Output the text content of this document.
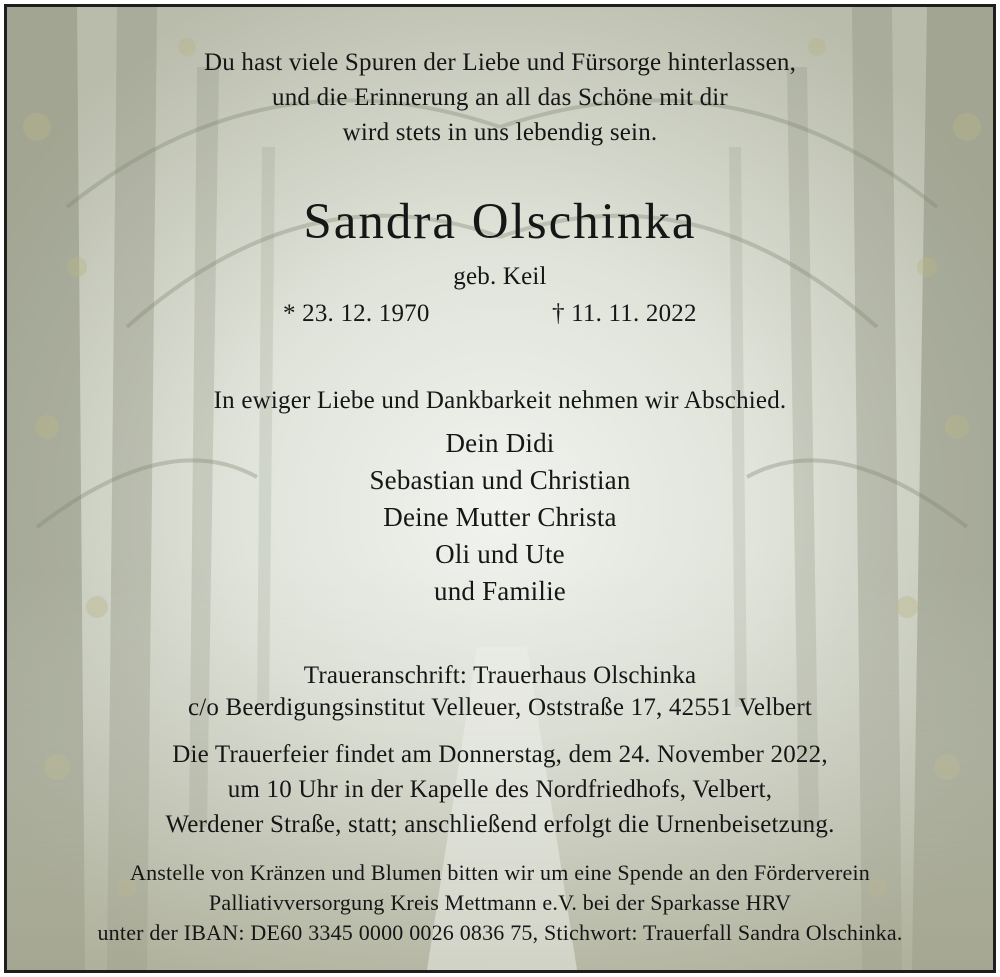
Du hast viele Spuren der Liebe und Fürsorge hinterlassen,
und die Erinnerung an all das Schöne mit dir
wird stets in uns lebendig sein.
Sandra Olschinka
geb. Keil
* 23. 12. 1970	† 11. 11. 2022
In ewiger Liebe und Dankbarkeit nehmen wir Abschied.
Dein Didi
Sebastian und Christian
Deine Mutter Christa
Oli und Ute
und Familie
Traueranschrift: Trauerhaus Olschinka
c/o Beerdigungsinstitut Velleuer, Oststraße 17, 42551 Velbert
Die Trauerfeier findet am Donnerstag, dem 24. November 2022,
um 10 Uhr in der Kapelle des Nordfriedhofs, Velbert,
Werdener Straße, statt; anschließend erfolgt die Urnenbeisetzung.
Anstelle von Kränzen und Blumen bitten wir um eine Spende an den Förderverein
Palliativversorgung Kreis Mettmann e.V. bei der Sparkasse HRV
unter der IBAN: DE60 3345 0000 0026 0836 75, Stichwort: Trauerfall Sandra Olschinka.
